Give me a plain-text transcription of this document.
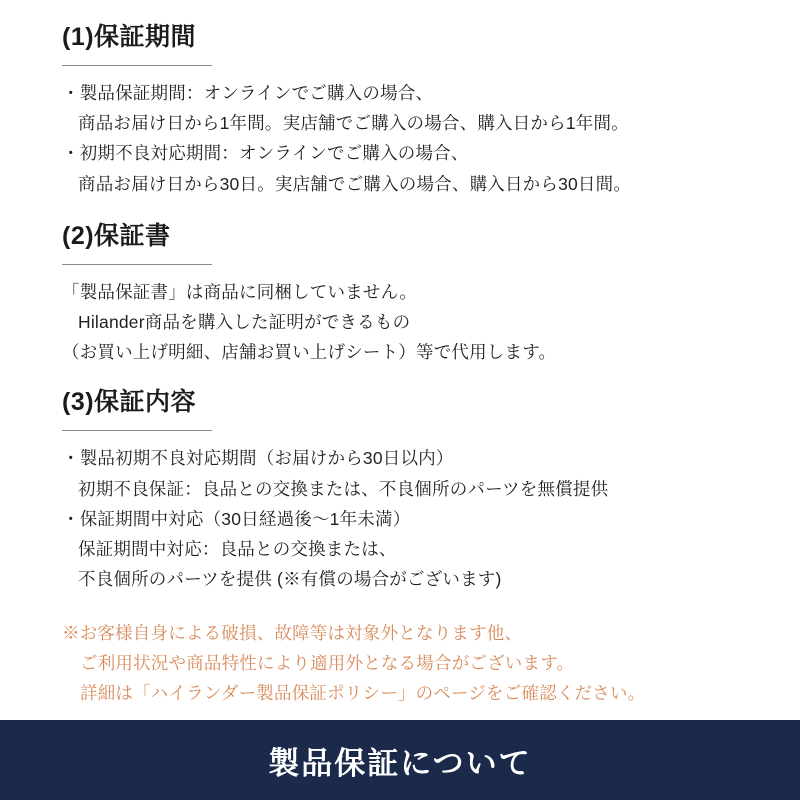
(1)保証期間
・製品保証期間：オンラインでご購入の場合、
商品お届け日から1年間。実店舗でご購入の場合、購入日から1年間。
・初期不良対応期間：オンラインでご購入の場合、
商品お届け日から30日。実店舗でご購入の場合、購入日から30日間。
(2)保証書
「製品保証書」は商品に同梱していません。
Hilander商品を購入した証明ができるもの
（お買い上げ明細、店舗お買い上げシート）等で代用します。
(3)保証内容
・製品初期不良対応期間（お届けから30日以内）
初期不良保証：良品との交換または、不良個所のパーツを無償提供
・保証期間中対応（30日経過後〜1年未満）
保証期間中対応：良品との交換または、
不良個所のパーツを提供 (※有償の場合がございます)
※お客様自身による破損、故障等は対象外となります他、
ご利用状況や商品特性により適用外となる場合がございます。
詳細は「ハイランダー製品保証ポリシー」のページをご確認ください。
製品保証について
